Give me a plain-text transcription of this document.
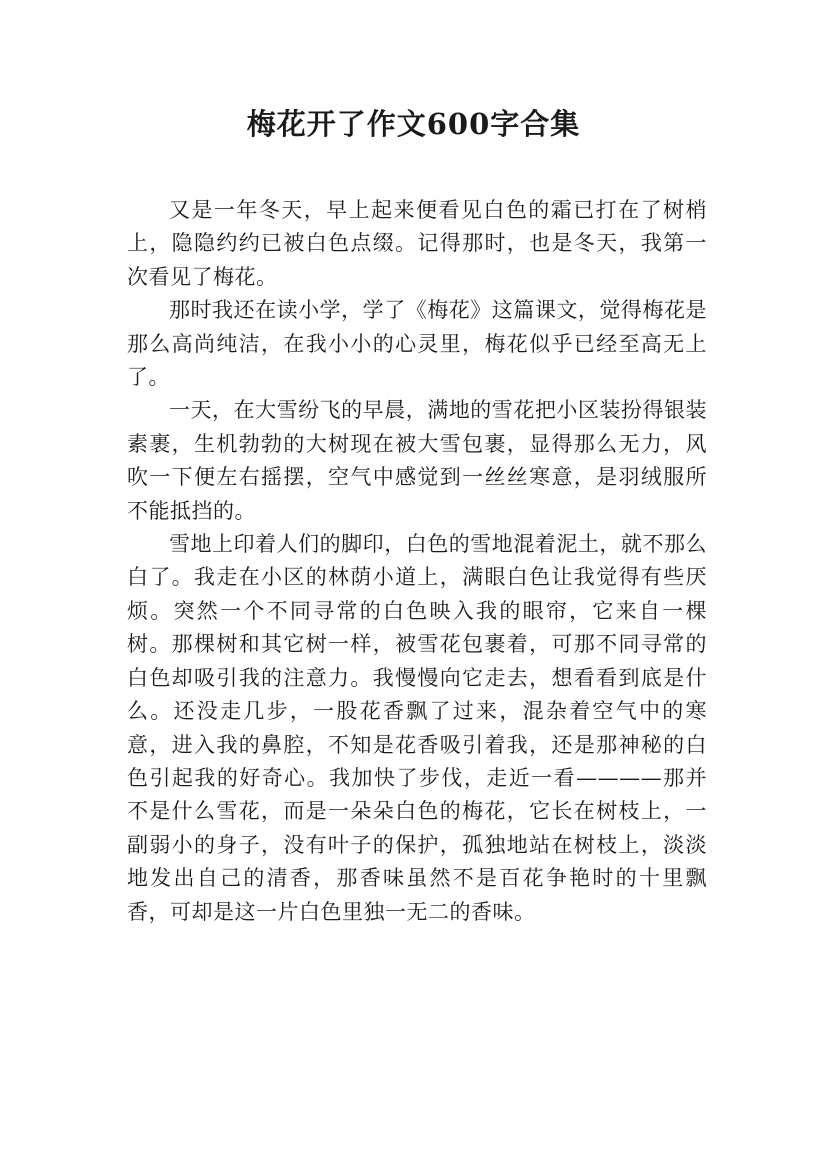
梅花开了作文600字合集

又是一年冬天，早上起来便看见白色的霜已打在了树梢上，隐隐约约已被白色点缀。记得那时，也是冬天，我第一次看见了梅花。

那时我还在读小学，学了《梅花》这篇课文，觉得梅花是那么高尚纯洁，在我小小的心灵里，梅花似乎已经至高无上了。

一天，在大雪纷飞的早晨，满地的雪花把小区装扮得银装素裹，生机勃勃的大树现在被大雪包裹，显得那么无力，风吹一下便左右摇摆，空气中感觉到一丝丝寒意，是羽绒服所不能抵挡的。

雪地上印着人们的脚印，白色的雪地混着泥土，就不那么白了。我走在小区的林荫小道上，满眼白色让我觉得有些厌烦。突然一个不同寻常的白色映入我的眼帘，它来自一棵树。那棵树和其它树一样，被雪花包裹着，可那不同寻常的白色却吸引我的注意力。我慢慢向它走去，想看看到底是什么。还没走几步，一股花香飘了过来，混杂着空气中的寒意，进入我的鼻腔，不知是花香吸引着我，还是那神秘的白色引起我的好奇心。我加快了步伐，走近一看————那并不是什么雪花，而是一朵朵白色的梅花，它长在树枝上，一副弱小的身子，没有叶子的保护，孤独地站在树枝上，淡淡地发出自己的清香，那香味虽然不是百花争艳时的十里飘香，可却是这一片白色里独一无二的香味。
